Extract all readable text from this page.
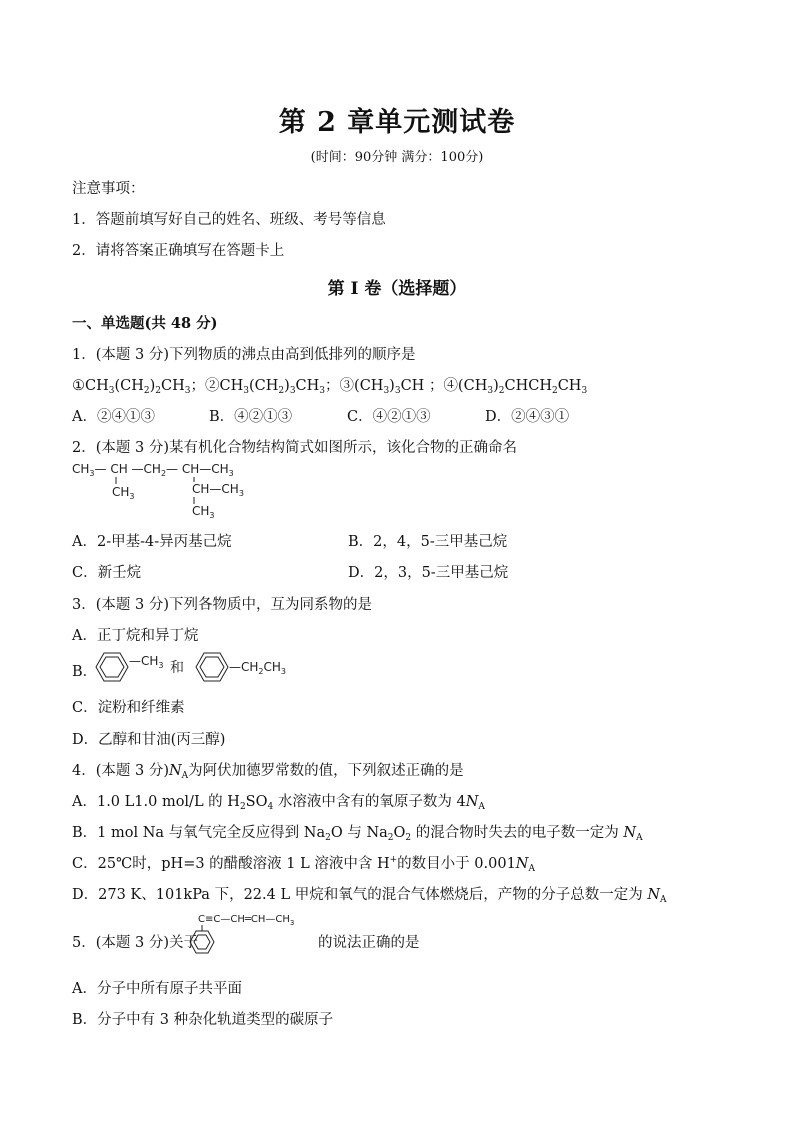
第 2 章单元测试卷
(时间：90分钟 满分：100分)
注意事项：
1．答题前填写好自己的姓名、班级、考号等信息
2．请将答案正确填写在答题卡上
第 I 卷（选择题）
一、单选题(共 48 分)
1．(本题 3 分)下列物质的沸点由高到低排列的顺序是
$①CH_3(CH_2)_2CH_3$；$②CH_3(CH_2)_3CH_3$；$③(CH_3)_3CH$ ；$④(CH_3)_2CHCH_2CH_3$
A．②④①③	B．④②①③	C．④②①③	D．②④③①
2．(本题 3 分)某有机化合物结构简式如图所示，该化合物的正确命名
$CH_3—$ CH $—CH_2—$ $CH—CH_3$
$CH_3$
$CH—CH_3$
$CH_3$
A．2-甲基-4-异丙基己烷	B．2，4，5-三甲基己烷
C．新壬烷	D．2，3，5-三甲基己烷
3．(本题 3 分)下列各物质中，互为同系物的是
A．正丁烷和异丁烷
B．
$—CH_3$ 和	$—CH_2CH_3$
C．淀粉和纤维素
D．乙醇和甘油(丙三醇)
4．(本题 3 分)$N_A$为阿伏加德罗常数的值，下列叙述正确的是
A．1.0 L1.0 mol/L 的 $H_2SO_4$ 水溶液中含有的氧原子数为 $4N_A$
B．1 mol Na 与氧气完全反应得到 $Na_2O$ 与 $Na_2O_2$ 的混合物时失去的电子数一定为 $N_A$
C．25℃时，pH=3 的醋酸溶液 1 L 溶液中含 H+的数目小于 $0.001N_A$
D．273 K、101kPa 下，22.4 L 甲烷和氧气的混合气体燃烧后，产物的分子总数一定为 $N_A$
5．(本题 3 分)关于
$C\equiv C—CH═CH—CH_3$
的说法正确的是
A．分子中所有原子共平面
B．分子中有 3 种杂化轨道类型的碳原子
